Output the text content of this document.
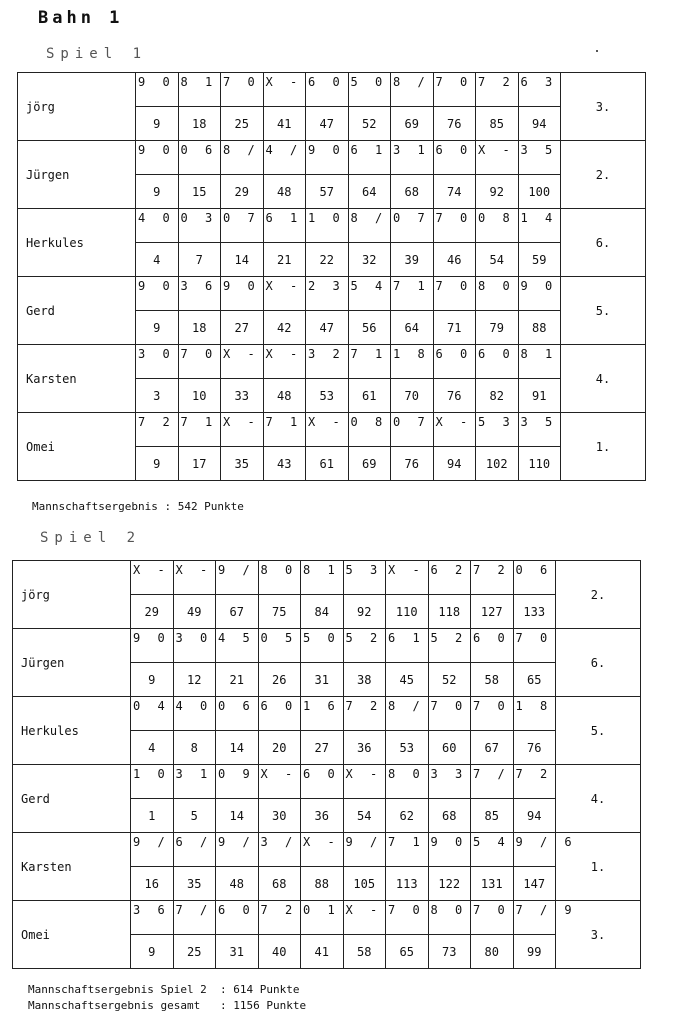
Bahn 1
Spiel 1
jörg	9 0	8 1	7 0	X -	6 0	5 0	8 /	7 0	7 2	6 3	3.
	9	18	25	41	47	52	69	76	85	94	
Jürgen	9 0	0 6	8 /	4 /	9 0	6 1	3 1	6 0	X -	3 5	2.
	9	15	29	48	57	64	68	74	92	100	
Herkules	4 0	0 3	0 7	6 1	1 0	8 /	0 7	7 0	0 8	1 4	6.
	4	7	14	21	22	32	39	46	54	59	
Gerd	9 0	3 6	9 0	X -	2 3	5 4	7 1	7 0	8 0	9 0	5.
	9	18	27	42	47	56	64	71	79	88	
Karsten	3 0	7 0	X -	X -	3 2	7 1	1 8	6 0	6 0	8 1	4.
	3	10	33	48	53	61	70	76	82	91	
Omei	7 2	7 1	X -	7 1	X -	0 8	0 7	X -	5 3	3 5	1.
	9	17	35	43	61	69	76	94	102	110	
Mannschaftsergebnis : 542 Punkte
Spiel 2
jörg	X -	X -	9 /	8 0	8 1	5 3	X -	6 2	7 2	0 6	2.
	29	49	67	75	84	92	110	118	127	133	
Jürgen	9 0	3 0	4 5	0 5	5 0	5 2	6 1	5 2	6 0	7 0	6.
	9	12	21	26	31	38	45	52	58	65	
Herkules	0 4	4 0	0 6	6 0	1 6	7 2	8 /	7 0	7 0	1 8	5.
	4	8	14	20	27	36	53	60	67	76	
Gerd	1 0	3 1	0 9	X -	6 0	X -	8 0	3 3	7 /	7 2	4.
	1	5	14	30	36	54	62	68	85	94	
Karsten	9 /	6 /	9 /	3 /	X -	9 /	7 1	9 0	5 4	9 / 6	1.
	16	35	48	68	88	105	113	122	131	147	
Omei	3 6	7 /	6 0	7 2	0 1	X -	7 0	8 0	7 0	7 / 9	3.
	9	25	31	40	41	58	65	73	80	99	
Mannschaftsergebnis Spiel 2  : 614 Punkte
Mannschaftsergebnis gesamt   : 1156 Punkte
